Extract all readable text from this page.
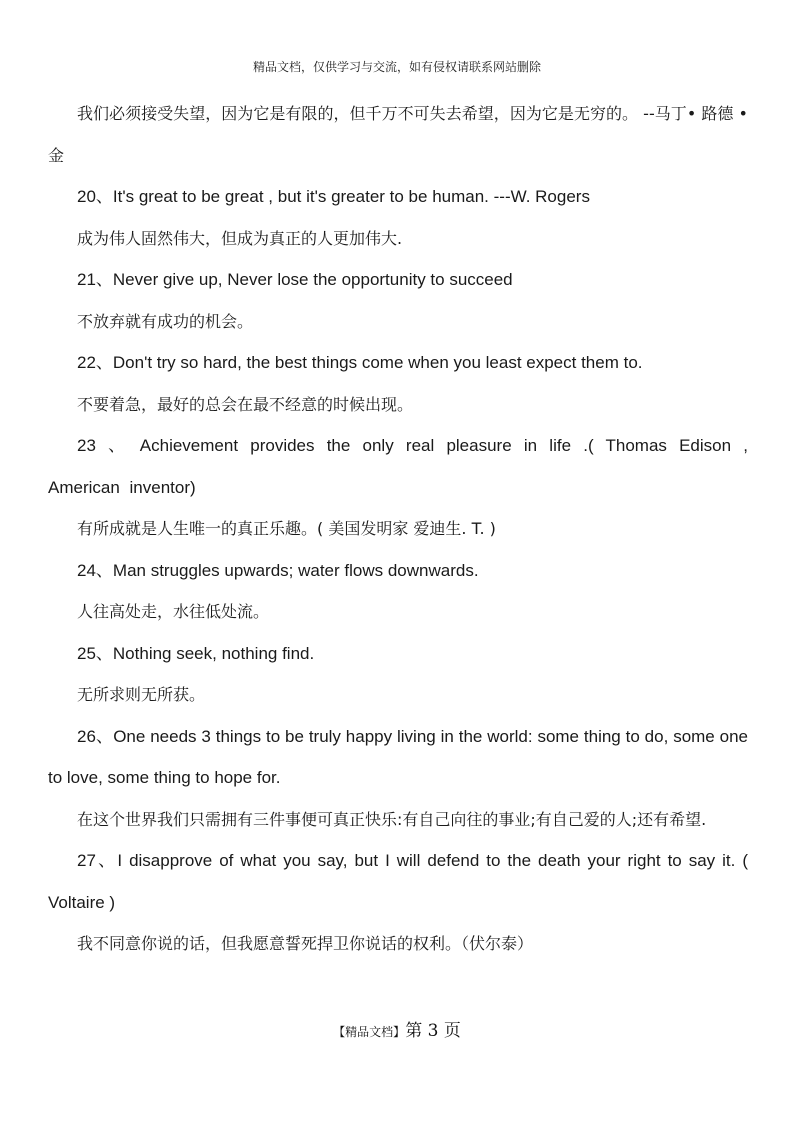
精品文档，仅供学习与交流，如有侵权请联系网站删除

我们必须接受失望，因为它是有限的，但千万不可失去希望，因为它是无穷的。 --马丁• 路德 • 金

20、It's great to be great , but it's greater to be human. ---W. Rogers

成为伟人固然伟大，但成为真正的人更加伟大.

21、Never give up, Never lose the opportunity to succeed

不放弃就有成功的机会。

22、Don't try so hard, the best things come when you least expect them to.

不要着急，最好的总会在最不经意的时候出现。

23 、 Achievement provides the only real pleasure in life .( Thomas Edison , American inventor)

有所成就是人生唯一的真正乐趣。( 美国发明家 爱迪生. T. )

24、Man struggles upwards; water flows downwards.

人往高处走，水往低处流。

25、Nothing seek, nothing find.

无所求则无所获。

26、One needs 3 things to be truly happy living in the world: some thing to do, some one to love, some thing to hope for.

在这个世界我们只需拥有三件事便可真正快乐:有自己向往的事业;有自己爱的人;还有希望.

27、I disapprove of what you say, but I will defend to the death your right to say it. ( Voltaire )

我不同意你说的话，但我愿意誓死捍卫你说话的权利。（伏尔泰）

【精品文档】第 3 页
